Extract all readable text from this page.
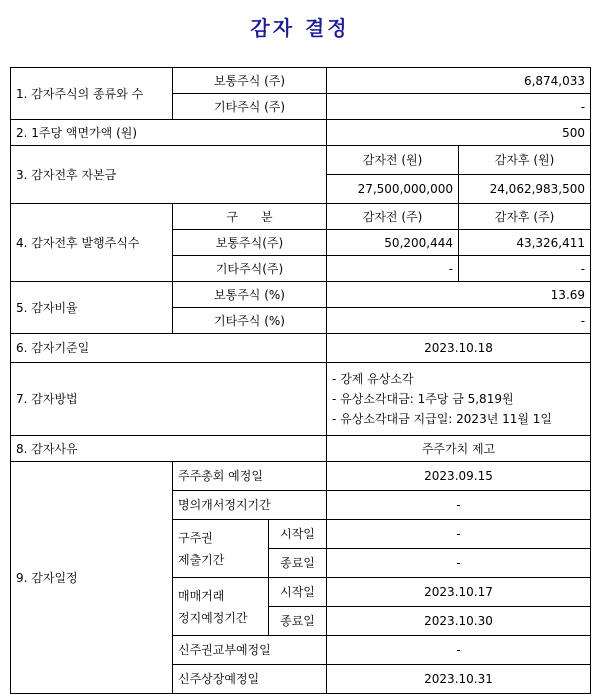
감자 결정
1. 감자주식의 종류와 수	보통주식 (주)		6,874,033	
	기타주식 (주)		-	
2. 1주당 액면가액 (원)			500	
3. 감자전후 자본금			감자전 (원)	감자후 (원)
			27,500,000,000	24,062,983,500
4. 감자전후 발행주식수	구      분		감자전 (주)	감자후 (주)
	보통주식(주)		50,200,444	43,326,411
	기타주식(주)		-	-
5. 감자비율	보통주식 (%)		13.69	
	기타주식 (%)		-	
6. 감자기준일			2023.10.18	
7. 감자방법			- 강제 유상소각
- 유상소각대금: 1주당 금 5,819원
- 유상소각대금 지급일: 2023년 11월 1일	

8. 감자사유			주주가치 제고	
9. 감자일정	주주총회 예정일		2023.09.15	
	명의개서정지기간		-	

	구주권
제출기간	시작일	-	
		종료일	-	

	매매거래
정지예정기간	시작일	2023.10.17	
		종료일	2023.10.30	
	신주권교부예정일		-	
	신주상장예정일		2023.10.31	
